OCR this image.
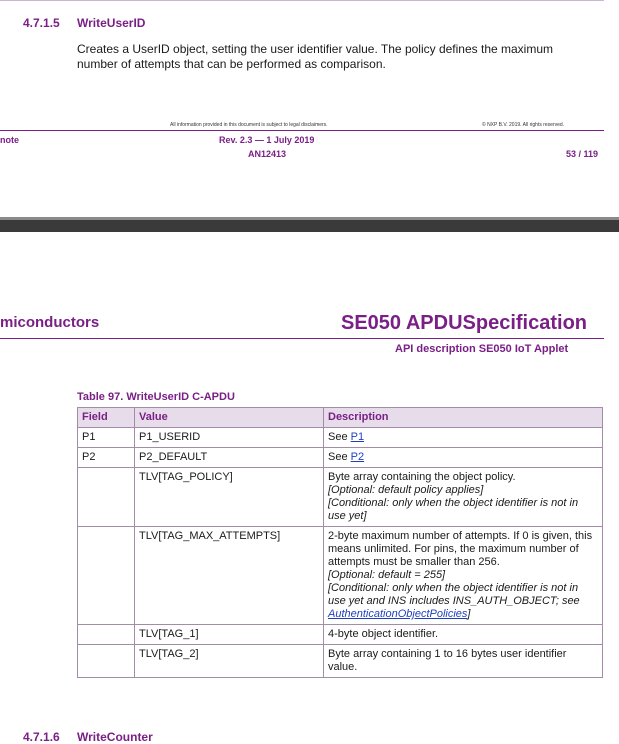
4.7.1.5 WriteUserID
Creates a UserID object, setting the user identifier value. The policy defines the maximum number of attempts that can be performed as comparison.
All information provided in this document is subject to legal disclaimers.	© NXP B.V. 2019. All rights reserved.
note	Rev. 2.3 — 1 July 2019
AN12413	53 / 119
miconductors	SE050 APDUSpecification
API description SE050 IoT Applet
Table 97. WriteUserID C-APDU
Field	Value	Description
P1	P1_USERID	See P1
P2	P2_DEFAULT	See P2
	TLV[TAG_POLICY]	Byte array containing the object policy.
[Optional: default policy applies]
[Conditional: only when the object identifier is not in use yet]

	TLV[TAG_MAX_ATTEMPTS]	2-byte maximum number of attempts. If 0 is given, this means unlimited. For pins, the maximum number of attempts must be smaller than 256.
[Optional: default = 255]
[Conditional: only when the object identifier is not in use yet and INS includes INS_AUTH_OBJECT; see AuthenticationObjectPolicies]

	TLV[TAG_1]	4-byte object identifier.
	TLV[TAG_2]	Byte array containing 1 to 16 bytes user identifier value.
4.7.1.6 WriteCounter
